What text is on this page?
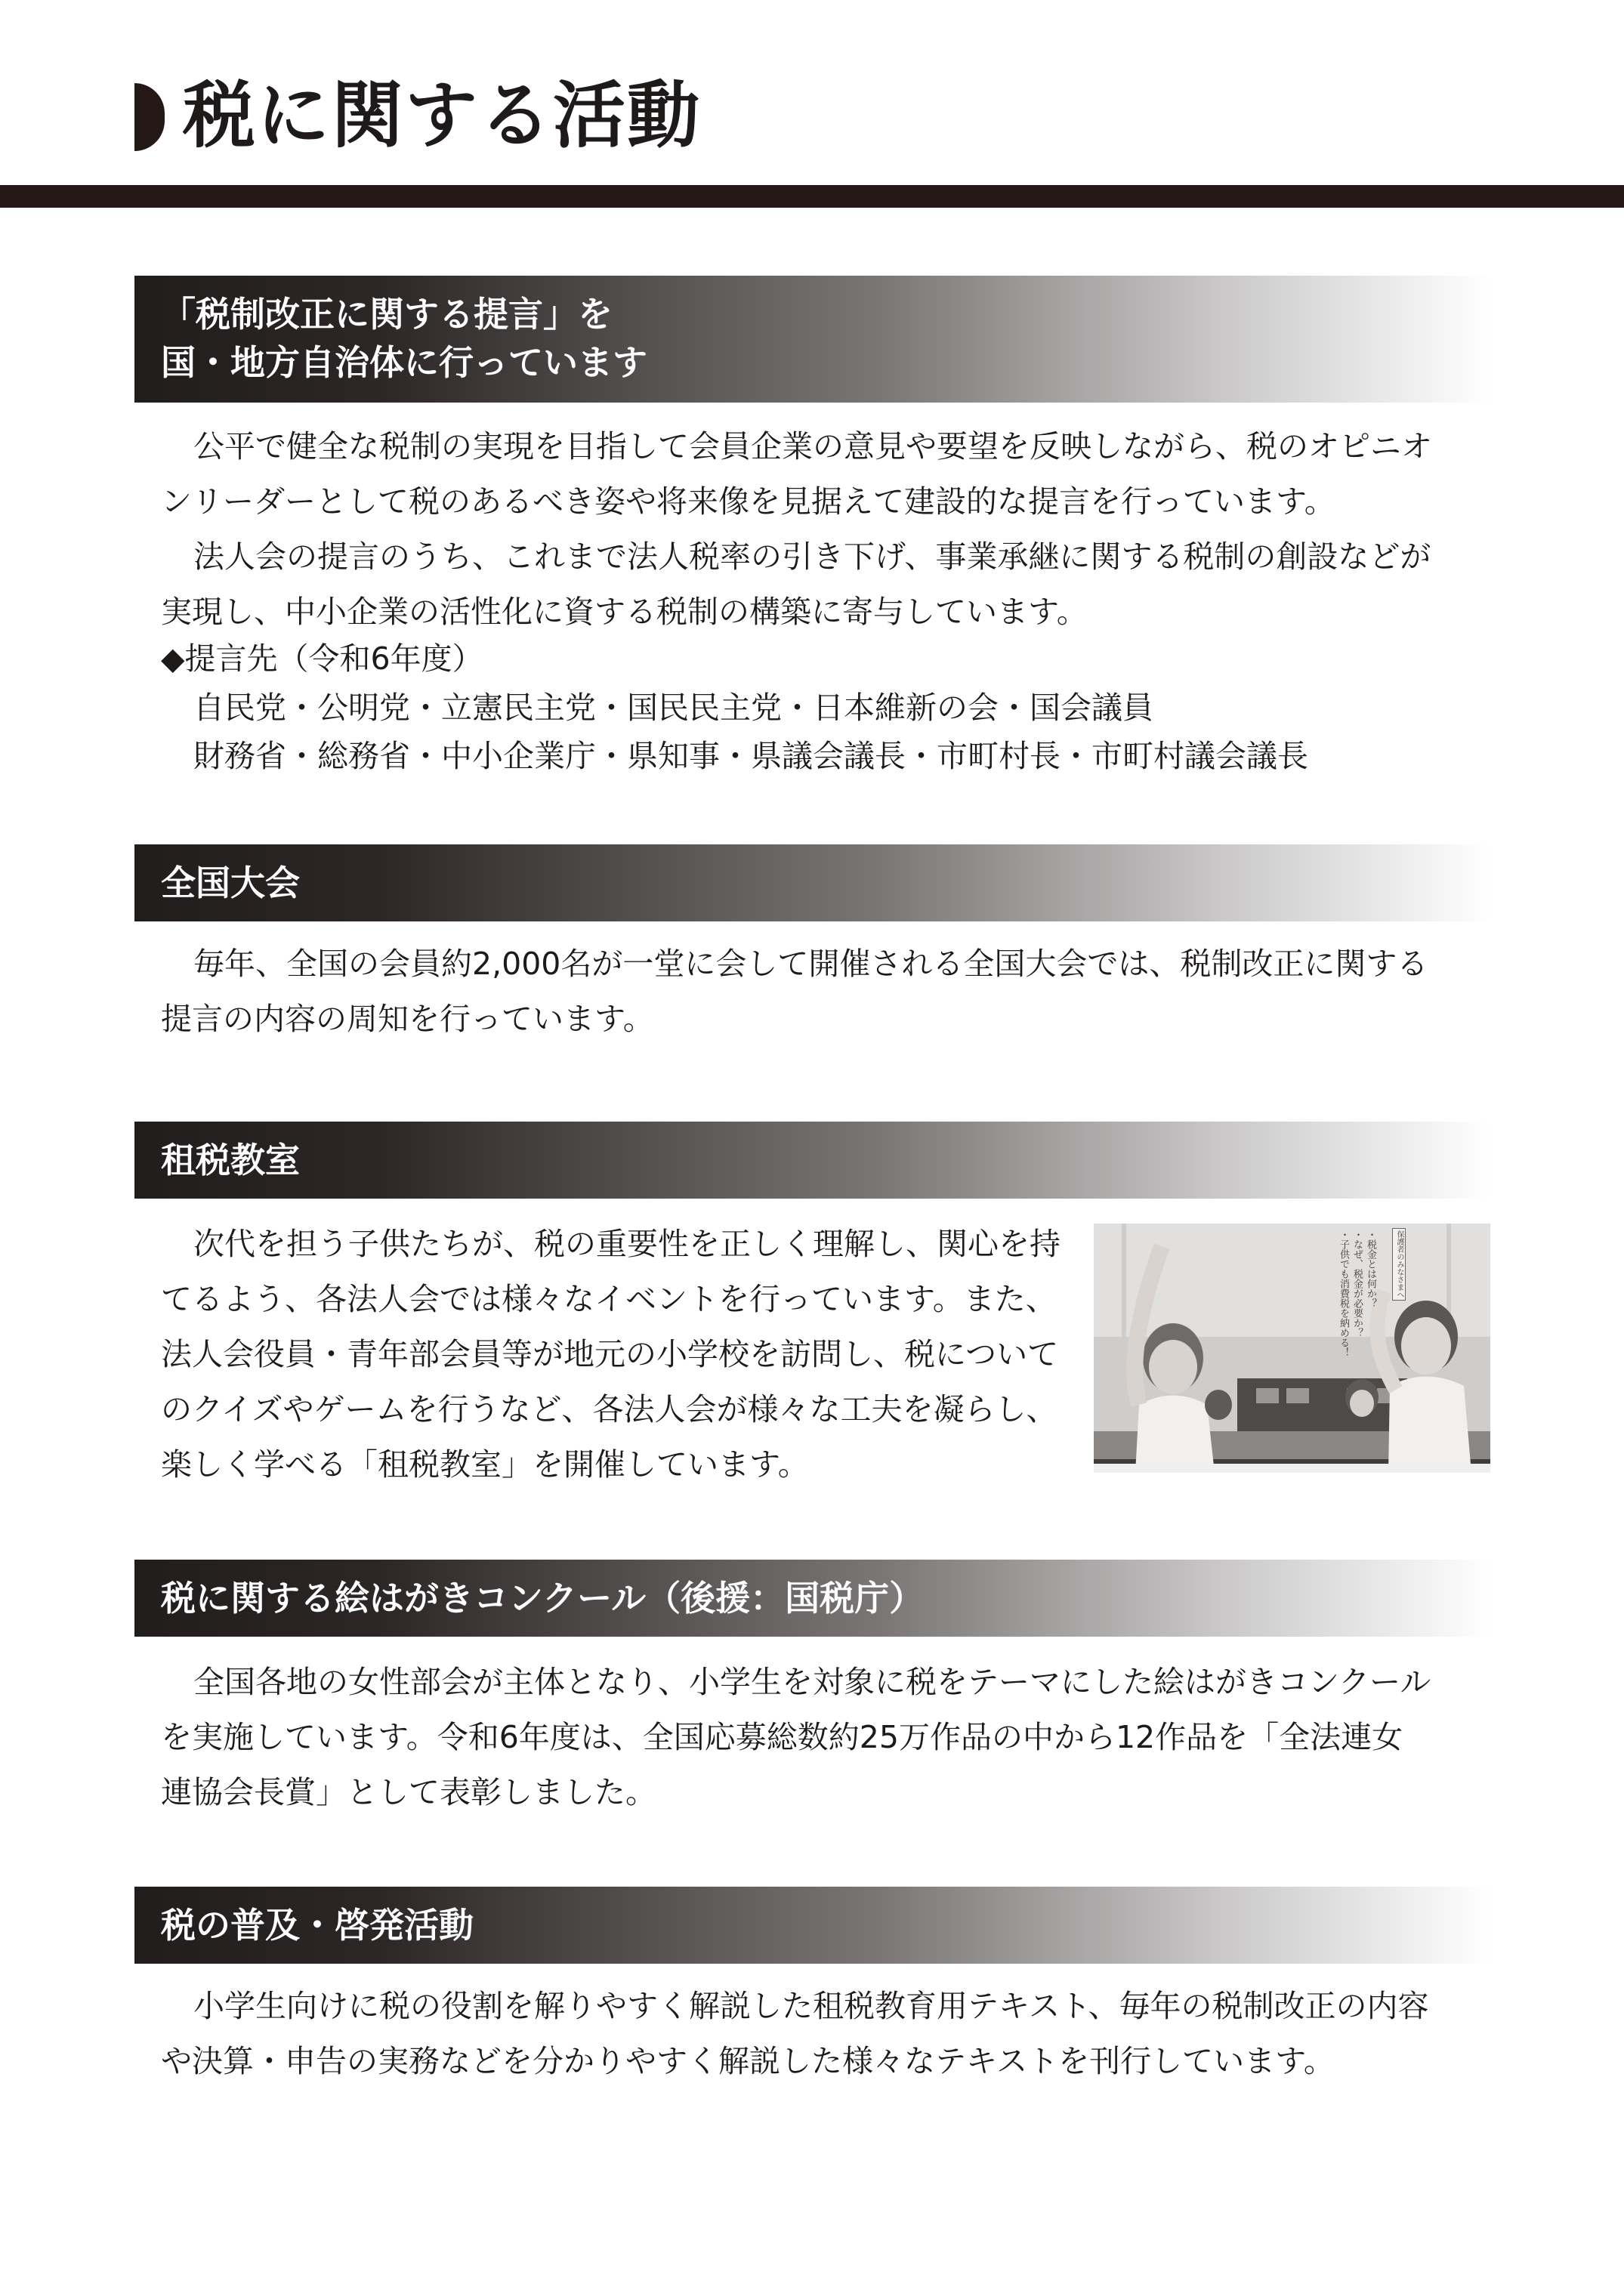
税に関する活動
「税制改正に関する提言」を
国・地方自治体に行っています

公平で健全な税制の実現を目指して会員企業の意見や要望を反映しながら、税のオピニオ

ンリーダーとして税のあるべき姿や将来像を見据えて建設的な提言を行っています。

法人会の提言のうち、これまで法人税率の引き下げ、事業承継に関する税制の創設などが

実現し、中小企業の活性化に資する税制の構築に寄与しています。

◆提言先（令和6年度）

自民党・公明党・立憲民主党・国民民主党・日本維新の会・国会議員

財務省・総務省・中小企業庁・県知事・県議会議長・市町村長・市町村議会議長

全国大会

毎年、全国の会員約2,000名が一堂に会して開催される全国大会では、税制改正に関する

提言の内容の周知を行っています。

租税教室

次代を担う子供たちが、税の重要性を正しく理解し、関心を持

てるよう、各法人会では様々なイベントを行っています。また、

法人会役員・青年部会員等が地元の小学校を訪問し、税について

のクイズやゲームを行うなど、各法人会が様々な工夫を凝らし、

楽しく学べる「租税教室」を開催しています。

・税金とは何か？
・なぜ、税金が必要か？
・子供でも消費税を納める！	保護者のみなさまへ
税に関する絵はがきコンクール（後援：国税庁）

全国各地の女性部会が主体となり、小学生を対象に税をテーマにした絵はがきコンクール

を実施しています。令和6年度は、全国応募総数約25万作品の中から12作品を「全法連女

連協会長賞」として表彰しました。

税の普及・啓発活動

小学生向けに税の役割を解りやすく解説した租税教育用テキスト、毎年の税制改正の内容

や決算・申告の実務などを分かりやすく解説した様々なテキストを刊行しています。
